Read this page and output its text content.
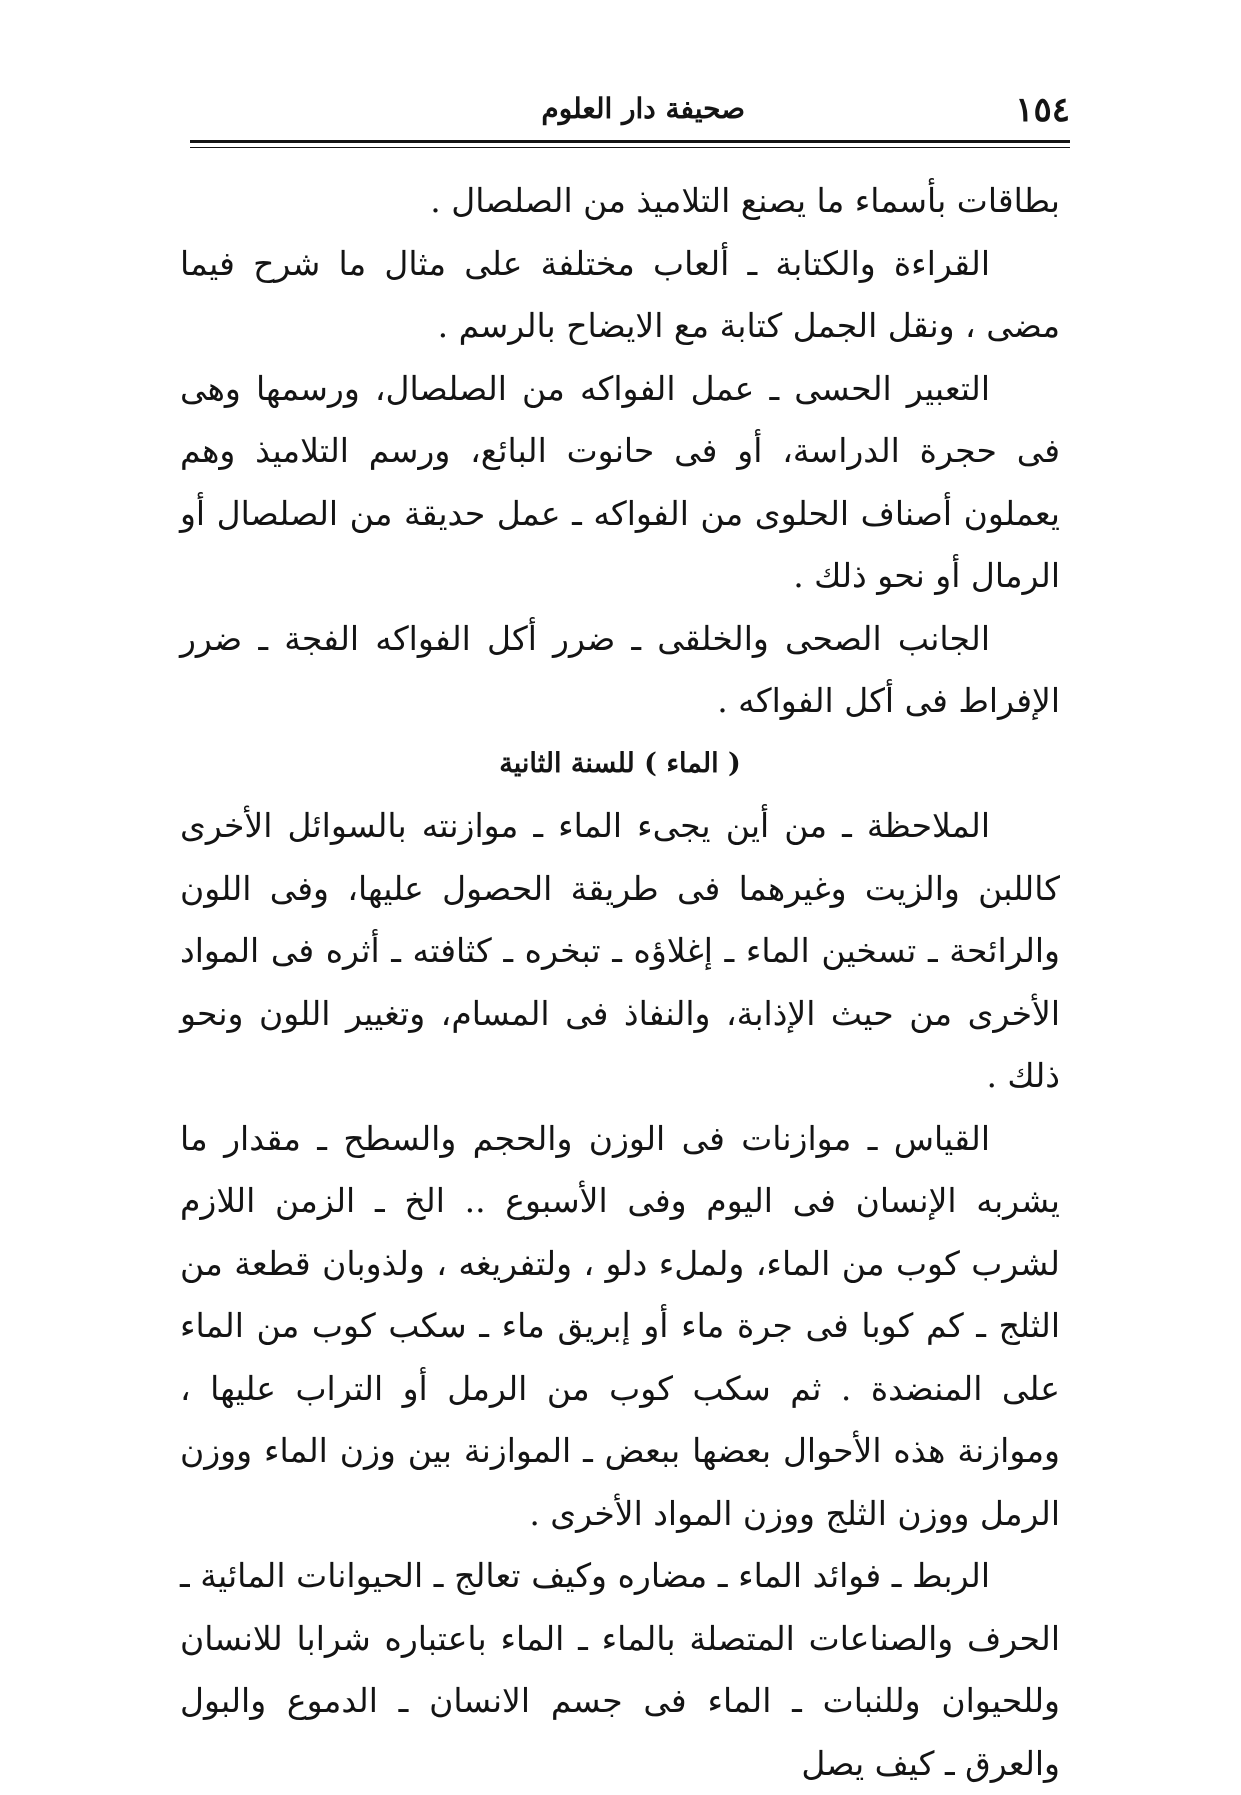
١٥٤
صحيفة دار العلوم

بطاقات بأسماء ما يصنع التلاميذ من الصلصال .

القراءة والكتابة ـ ألعاب مختلفة على مثال ما شرح فيما مضى ، ونقل الجمل كتابة مع الايضاح بالرسم .

التعبير الحسى ـ عمل الفواكه من الصلصال، ورسمها وهى فى حجرة الدراسة، أو فى حانوت البائع، ورسم التلاميذ وهم يعملون أصناف الحلوى من الفواكه ـ عمل حديقة من الصلصال أو الرمال أو نحو ذلك .

الجانب الصحى والخلقى ـ ضرر أكل الفواكه الفجة ـ ضرر الإفراط فى أكل الفواكه .

( الماء ) للسنة الثانية

الملاحظة ـ من أين يجىء الماء ـ موازنته بالسوائل الأخرى كاللبن والزيت وغيرهما فى طريقة الحصول عليها، وفى اللون والرائحة ـ تسخين الماء ـ إغلاؤه ـ تبخره ـ كثافته ـ أثره فى المواد الأخرى من حيث الإذابة، والنفاذ فى المسام، وتغيير اللون ونحو ذلك .

القياس ـ موازنات فى الوزن والحجم والسطح ـ مقدار ما يشربه الإنسان فى اليوم وفى الأسبوع .. الخ ـ الزمن اللازم لشرب كوب من الماء، ولملء دلو ، ولتفريغه ، ولذوبان قطعة من الثلج ـ كم كوبا فى جرة ماء أو إبريق ماء ـ سكب كوب من الماء على المنضدة . ثم سكب كوب من الرمل أو التراب عليها ، وموازنة هذه الأحوال بعضها ببعض ـ الموازنة بين وزن الماء ووزن الرمل ووزن الثلج ووزن المواد الأخرى .

الربط ـ فوائد الماء ـ مضاره وكيف تعالج ـ الحيوانات المائية ـ الحرف والصناعات المتصلة بالماء ـ الماء باعتباره شرابا للانسان وللحيوان وللنبات ـ الماء فى جسم الانسان ـ الدموع والبول والعرق ـ كيف يصل
